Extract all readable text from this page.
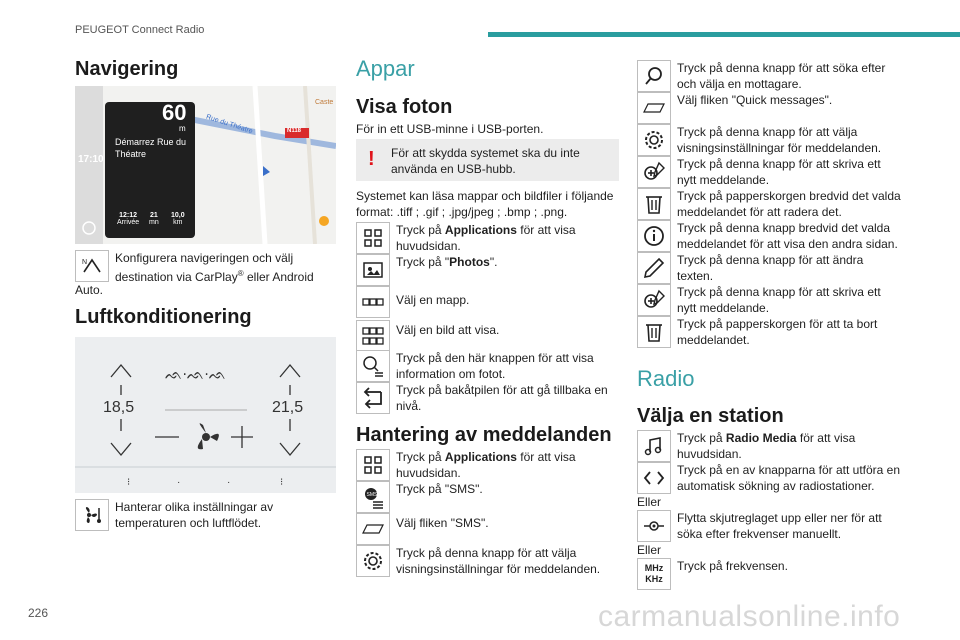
PEUGEOT Connect Radio
Navigering
60
m
Démarrez Rue du Théatre
17:10
Rue du Théatre	N118
Caste
12:12
Arrivée
21
mn
10,0
km
N Konfigurera navigeringen och välj
destination via CarPlay® eller Android
Auto.
Luftkonditionering
ᨒ·ᨒ·ᨒ
⁝	·	·	⁝
18,5	21,5
Hanterar olika inställningar av temperaturen och luftflödet.
Appar
Visa foton
För in ett USB-minne i USB-porten.
! För att skydda systemet ska du inte använda en USB-hubb.
Systemet kan läsa mappar och bildfiler i följande format: .tiff ; .gif ; .jpg/jpeg ; .bmp ; .png.
Tryck på Applications för att visa huvudsidan.
Tryck på "Photos".
Välj en mapp.
Välj en bild att visa.
Tryck på den här knappen för att visa information om fotot.
Tryck på bakåtpilen för att gå tillbaka en nivå.
Hantering av meddelanden
Tryck på Applications för att visa huvudsidan.
SMS Tryck på "SMS".
Välj fliken "SMS".
Tryck på denna knapp för att välja visningsinställningar för meddelanden.
Tryck på denna knapp för att söka efter och välja en mottagare.
Välj fliken "Quick messages".
Tryck på denna knapp för att välja visningsinställningar för meddelanden.
Tryck på denna knapp för att skriva ett nytt meddelande.
Tryck på papperskorgen bredvid det valda meddelandet för att radera det.
Tryck på denna knapp bredvid det valda meddelandet för att visa den andra sidan.
Tryck på denna knapp för att ändra texten.
Tryck på denna knapp för att skriva ett nytt meddelande.
Tryck på papperskorgen för att ta bort meddelandet.
Radio
Välja en station
Tryck på Radio Media för att visa huvudsidan.
Tryck på en av knapparna för att utföra en automatisk sökning av radiostationer.
Eller
Flytta skjutreglaget upp eller ner för att söka efter frekvenser manuellt.
Eller
MHz
KHz
Tryck på frekvensen.
226	carmanualsonline.info
